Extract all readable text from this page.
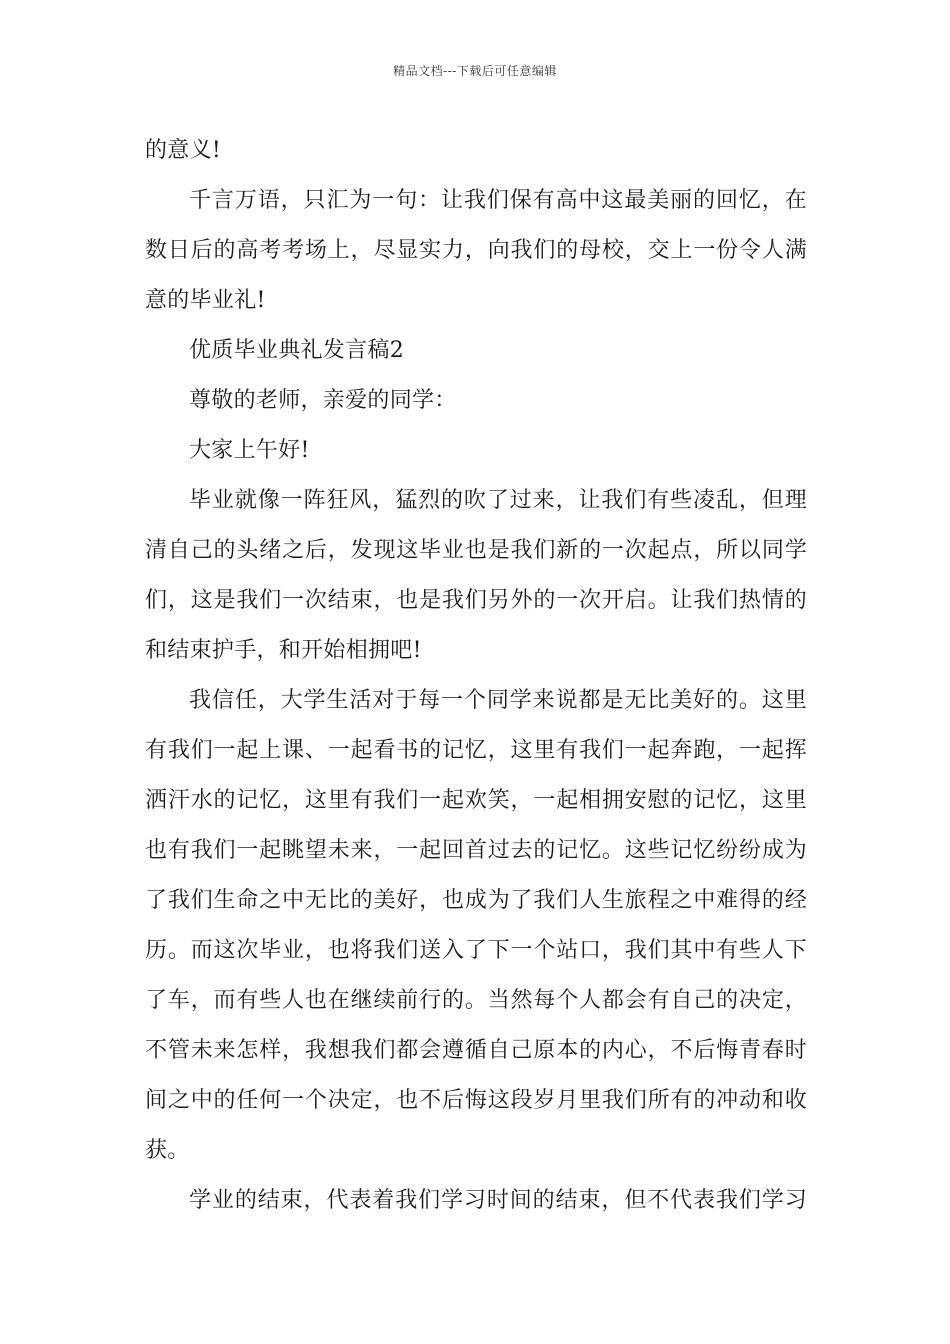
精品文档---下载后可任意编辑
的意义!
千言万语，只汇为一句：让我们保有高中这最美丽的回忆，在
数日后的高考考场上，尽显实力，向我们的母校，交上一份令人满
意的毕业礼!
优质毕业典礼发言稿2
尊敬的老师，亲爱的同学：
大家上午好!
毕业就像一阵狂风，猛烈的吹了过来，让我们有些凌乱，但理
清自己的头绪之后，发现这毕业也是我们新的一次起点，所以同学
们，这是我们一次结束，也是我们另外的一次开启。让我们热情的
和结束护手，和开始相拥吧!
我信任，大学生活对于每一个同学来说都是无比美好的。这里
有我们一起上课、一起看书的记忆，这里有我们一起奔跑，一起挥
洒汗水的记忆，这里有我们一起欢笑，一起相拥安慰的记忆，这里
也有我们一起眺望未来，一起回首过去的记忆。这些记忆纷纷成为
了我们生命之中无比的美好，也成为了我们人生旅程之中难得的经
历。而这次毕业，也将我们送入了下一个站口，我们其中有些人下
了车，而有些人也在继续前行的。当然每个人都会有自己的决定，
不管未来怎样，我想我们都会遵循自己原本的内心，不后悔青春时
间之中的任何一个决定，也不后悔这段岁月里我们所有的冲动和收
获。
学业的结束，代表着我们学习时间的结束，但不代表我们学习
